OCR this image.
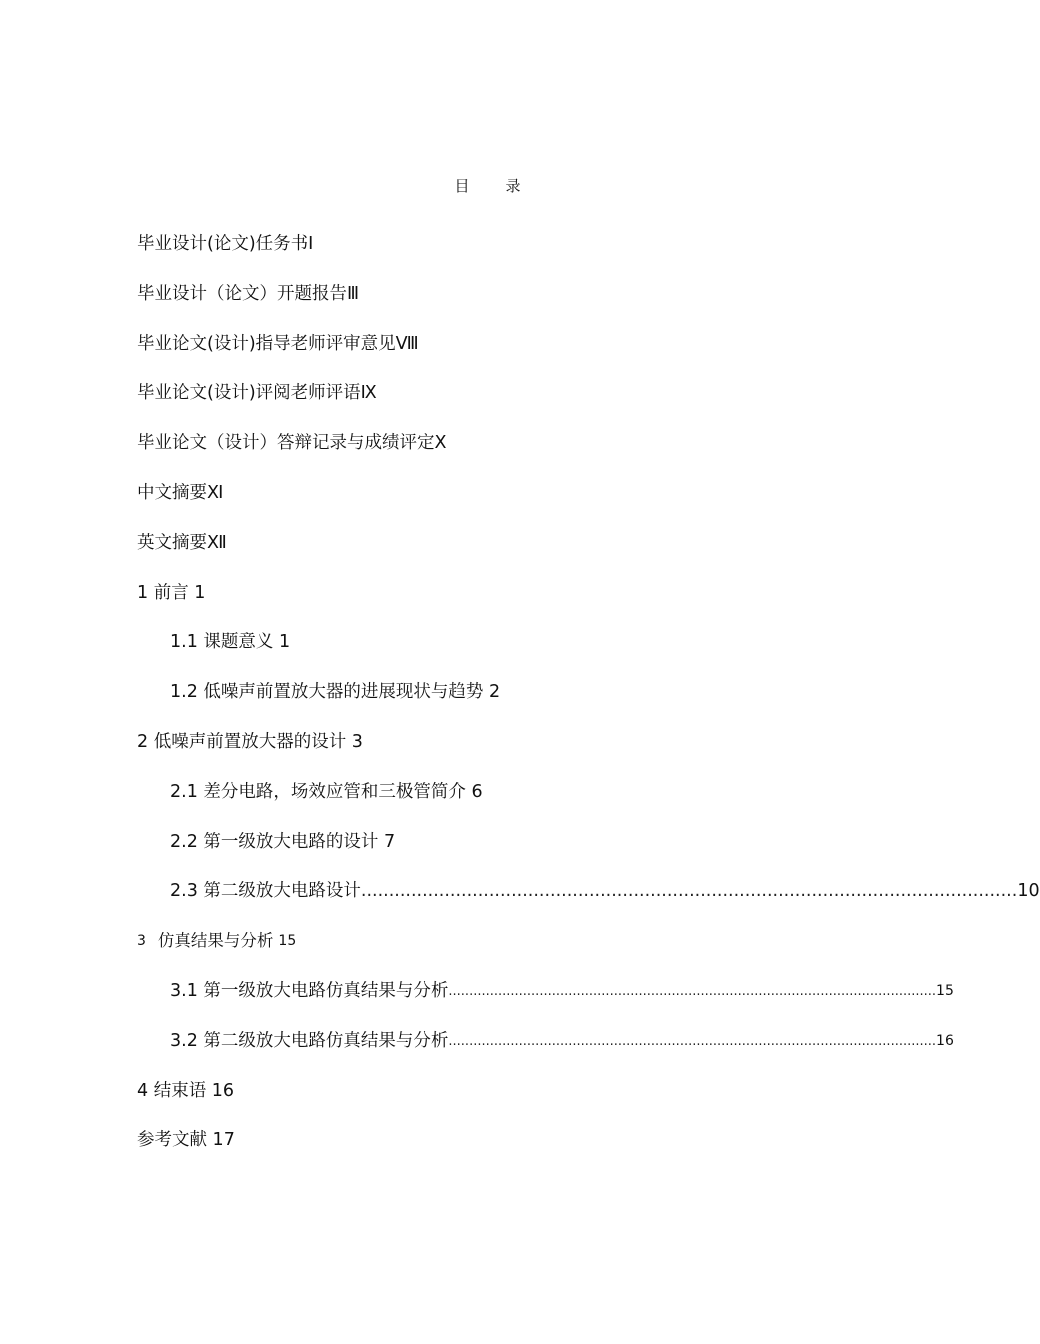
目 录
毕业设计(论文)任务书Ⅰ
毕业设计（论文）开题报告Ⅲ
毕业论文(设计)指导老师评审意见Ⅷ
毕业论文(设计)评阅老师评语Ⅸ
毕业论文（设计）答辩记录与成绩评定Ⅹ
中文摘要Ⅺ
英文摘要Ⅻ
1 前言 1
1.1 课题意义 1
1.2 低噪声前置放大器的进展现状与趋势 2
2 低噪声前置放大器的设计 3
2.1 差分电路，场效应管和三极管简介 6
2.2 第一级放大电路的设计 7
2.3 第二级放大电路设计 ...................................................................................................................... 10
3 仿真结果与分析 15
3.1 第一级放大电路仿真结果与分析 ...................................................................................................................... 15
3.2 第二级放大电路仿真结果与分析 ...................................................................................................................... 16
4 结束语 16
参考文献 17
